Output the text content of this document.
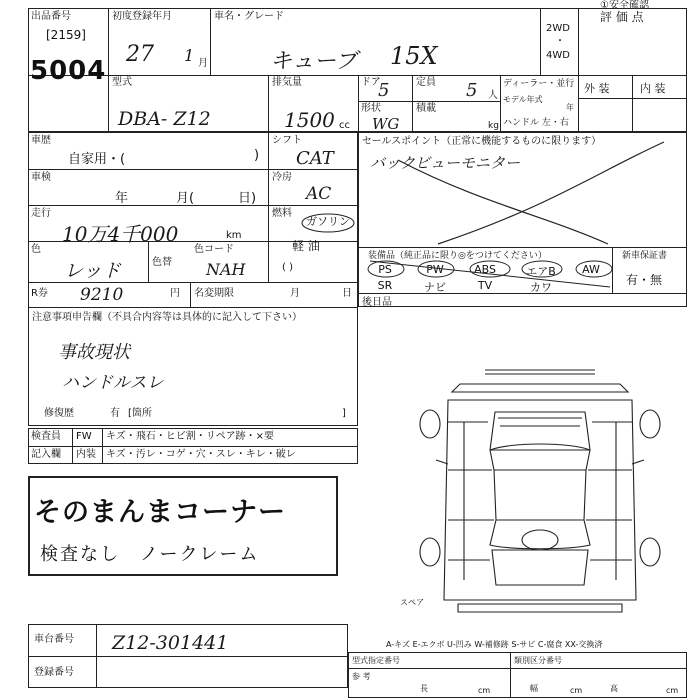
①安全確認
出品番号
[2159]
5004
初度登録年月
27 1 月
車名・グレード
キューブ 15X
2WD
・
4WD
評 価 点
外 装	内 装
型式
DBA- Z12
排気量
1500 cc
ドア
5	定員 5 人
形状
WG
積載
kg
ディーラー・並行
モデル年式
年
ハンドル 左・右
車歴
自家用・(	)
シフト
CAT
車検
年	月(	日)
冷房
AC
走行
10万4千000	km
燃料
ガソリン
軽 油
( )
色
レッド	色替
色コード
NAH
R券 9210	円 名変期限	月	日
注意事項申告欄（不具合内容等は具体的に記入して下さい）
事故現状
ハンドルスレ
修復歴	有 [箇所	]
セールスポイント（正常に機能するものに限ります）
バックビューモニター
装備品（純正品に限り◎をつけてください）	新車保証書
有・無
PS	PW	ABS	エアB	AW
SR	ナビ	TV	カワ
後日品
検査員
記入欄
FW キズ・飛石・ヒビ割・リペア跡・×要
内装 キズ・汚レ・コゲ・穴・スレ・キレ・破レ
そのまんまコーナー
検査なし　ノークレーム
スペア
車台番号 Z12-301441
登録番号
A-キズ E-エクボ U-凹み W-補修跡 S-サビ C-腐食 XX-交換済
型式指定番号	類別区分番号
参 考
長	cm	幅	cm	高	cm
